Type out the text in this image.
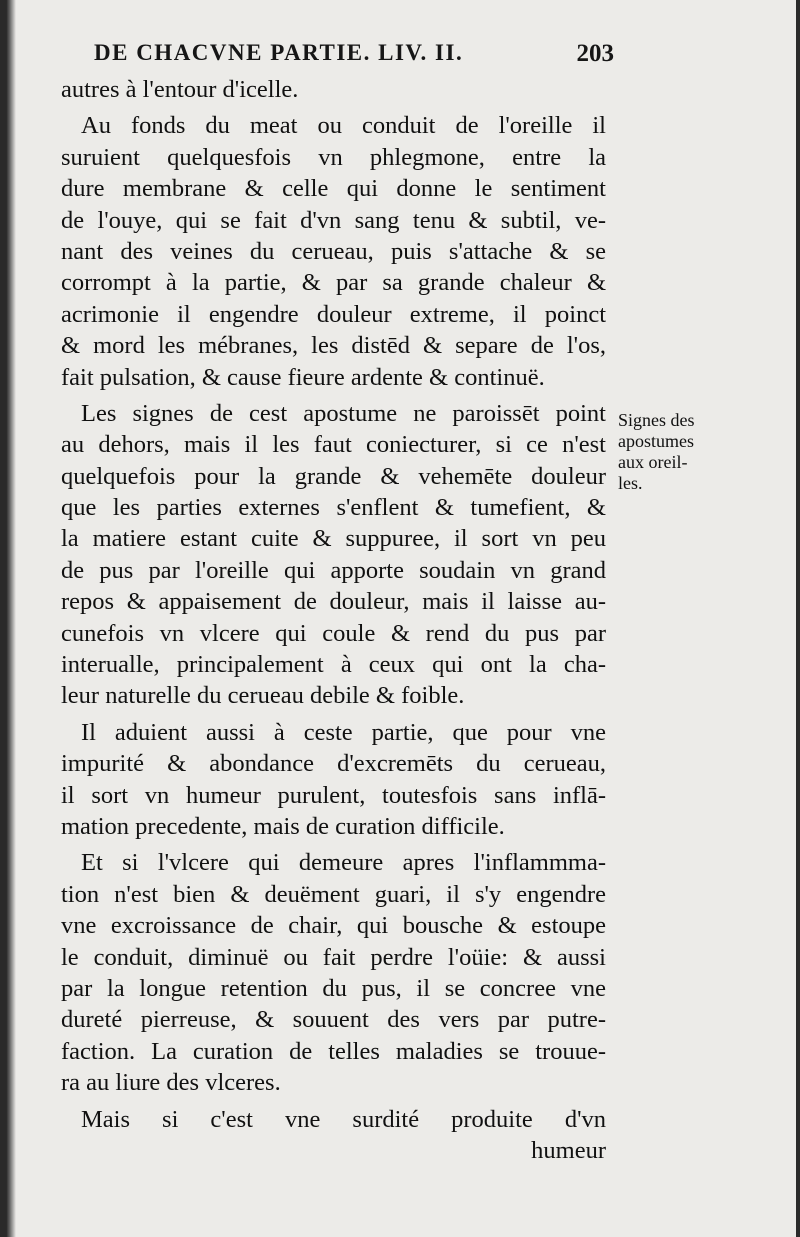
DE CHACVNE PARTIE. LIV. II.	203
autres à l'entour d'icelle.
Au fonds du meat ou conduit de l'oreille il
suruient quelquesfois vn phlegmone, entre la
dure membrane & celle qui donne le sentiment
de l'ouye, qui se fait d'vn sang tenu & subtil, ve-
nant des veines du cerueau, puis s'attache & se
corrompt à la partie, & par sa grande chaleur &
acrimonie il engendre douleur extreme, il poinct
& mord les mébranes, les distēd & separe de l'os,
fait pulsation, & cause fieure ardente & continuë.
Les signes de cest apostume ne paroissēt point
au dehors, mais il les faut coniecturer, si ce n'est
quelquefois pour la grande & vehemēte douleur
que les parties externes s'enflent & tumefient, &
la matiere estant cuite & suppuree, il sort vn peu
de pus par l'oreille qui apporte soudain vn grand
repos & appaisement de douleur, mais il laisse au-
cunefois vn vlcere qui coule & rend du pus par
interualle, principalement à ceux qui ont la cha-
leur naturelle du cerueau debile & foible.
Il aduient aussi à ceste partie, que pour vne
impurité & abondance d'excremēts du cerueau,
il sort vn humeur purulent, toutesfois sans inflā-
mation precedente, mais de curation difficile.
Et si l'vlcere qui demeure apres l'inflammma-
tion n'est bien & deuëment guari, il s'y engendre
vne excroissance de chair, qui bousche & estoupe
le conduit, diminuë ou fait perdre l'oüie: & aussi
par la longue retention du pus, il se concree vne
dureté pierreuse, & souuent des vers par putre-
faction. La curation de telles maladies se trouue-
ra au liure des vlceres.
Mais si c'est vne surdité produite d'vn
humeur
Signes des
apostumes
aux oreil-
les.
